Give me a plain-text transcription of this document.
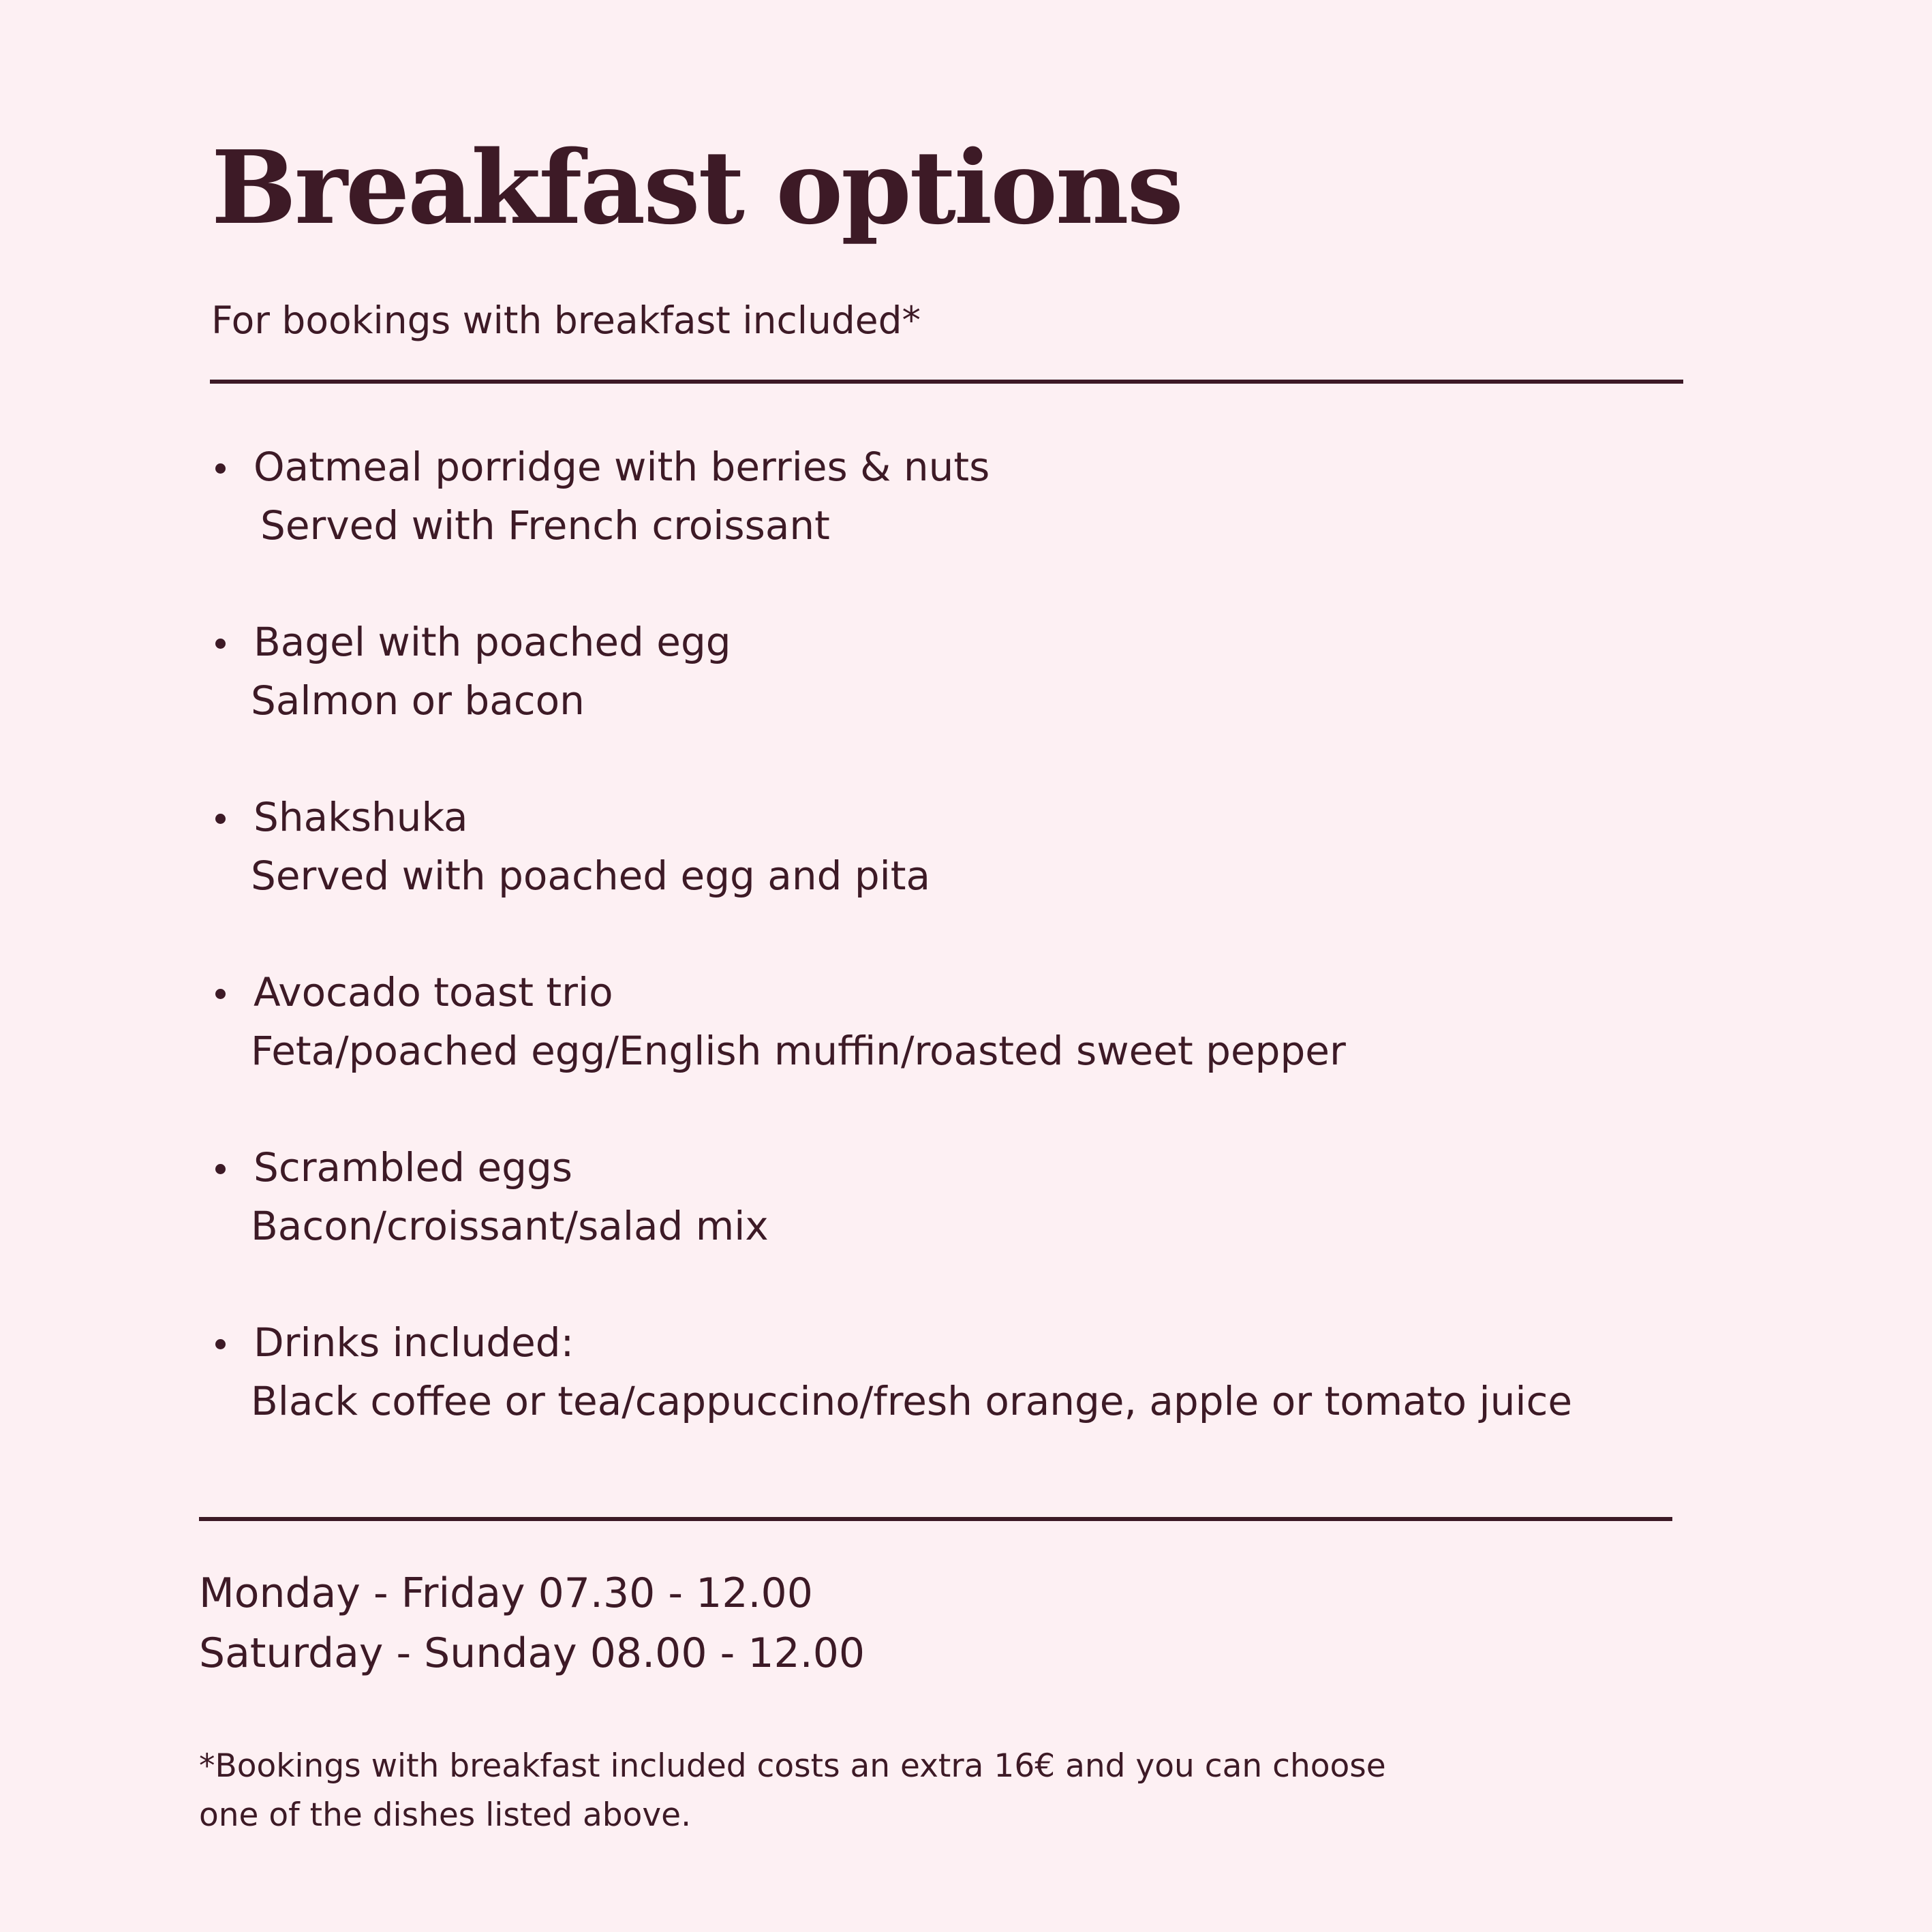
Breakfast options

For bookings with breakfast included*

Oatmeal porridge with berries & nuts
Served with French croissant
Bagel with poached egg
Salmon or bacon
Shakshuka
Served with poached egg and pita
Avocado toast trio
Feta/poached egg/English muffin/roasted sweet pepper
Scrambled eggs
Bacon/croissant/salad mix
Drinks included:
Black coffee or tea/cappuccino/fresh orange, apple or tomato juice
Monday - Friday 07.30 - 12.00
Saturday - Sunday 08.00 - 12.00
*Bookings with breakfast included costs an extra 16€ and you can choose
one of the dishes listed above.
